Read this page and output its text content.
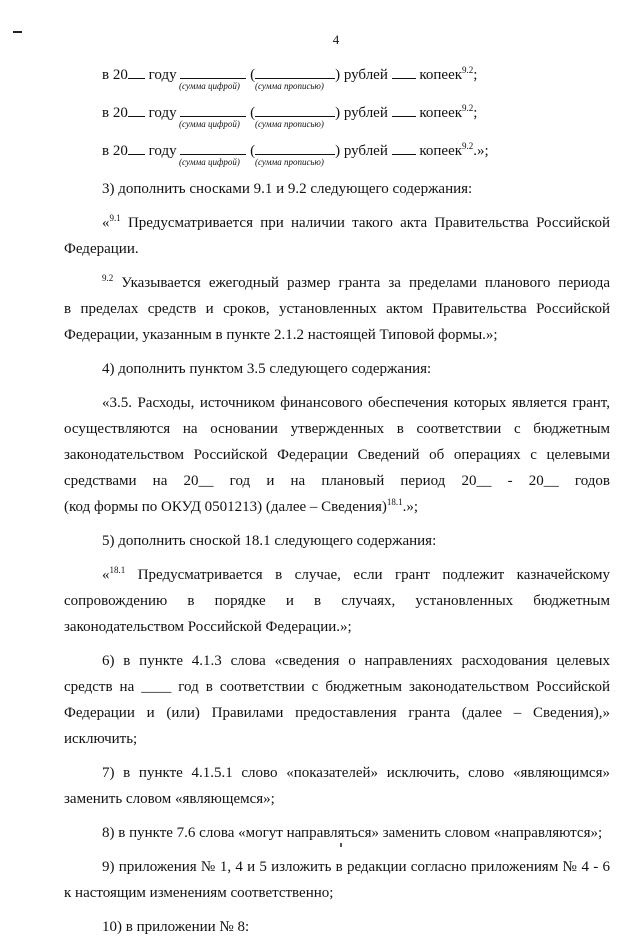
4
в 20 году	(	) рублей копеек$^{9.2}$;
(сумма цифрой) (сумма прописью)
в 20 году	(	) рублей копеек$^{9.2}$;
(сумма цифрой) (сумма прописью)
в 20 году	(	) рублей копеек$^{9.2}$.»;
(сумма цифрой) (сумма прописью)
3) дополнить сносками 9.1 и 9.2 следующего содержания:
«$^{9.1}$ Предусматривается при наличии такого акта Правительства Российской
Федерации.
$^{9.2}$ Указывается ежегодный размер гранта за пределами планового периода
в пределах средств и сроков, установленных актом Правительства Российской
Федерации, указанным в пункте 2.1.2 настоящей Типовой формы.»;
4) дополнить пунктом 3.5 следующего содержания:
«3.5. Расходы, источником финансового обеспечения которых является грант,
осуществляются на основании утвержденных в соответствии с бюджетным
законодательством Российской Федерации Сведений об операциях с целевыми
средствами на 20__ год и на плановый период 20__ - 20__ годов
(код формы по ОКУД 0501213) (далее – Сведения)$^{18.1}$.»;
5) дополнить сноской 18.1 следующего содержания:
«$^{18.1}$ Предусматривается в случае, если грант подлежит казначейскому
сопровождению в порядке и в случаях, установленных бюджетным
законодательством Российской Федерации.»;
6) в пункте 4.1.3 слова «сведения о направлениях расходования целевых
средств на ____ год в соответствии с бюджетным законодательством Российской
Федерации и (или) Правилами предоставления гранта (далее – Сведения),»
исключить;
7) в пункте 4.1.5.1 слово «показателей» исключить, слово «являющимся»
заменить словом «являющемся»;
8) в пункте 7.6 слова «могут направляться» заменить словом «направляются»;
9) приложения № 1, 4 и 5 изложить в редакции согласно приложениям № 4 - 6
к настоящим изменениям соответственно;
10) в приложении № 8:
